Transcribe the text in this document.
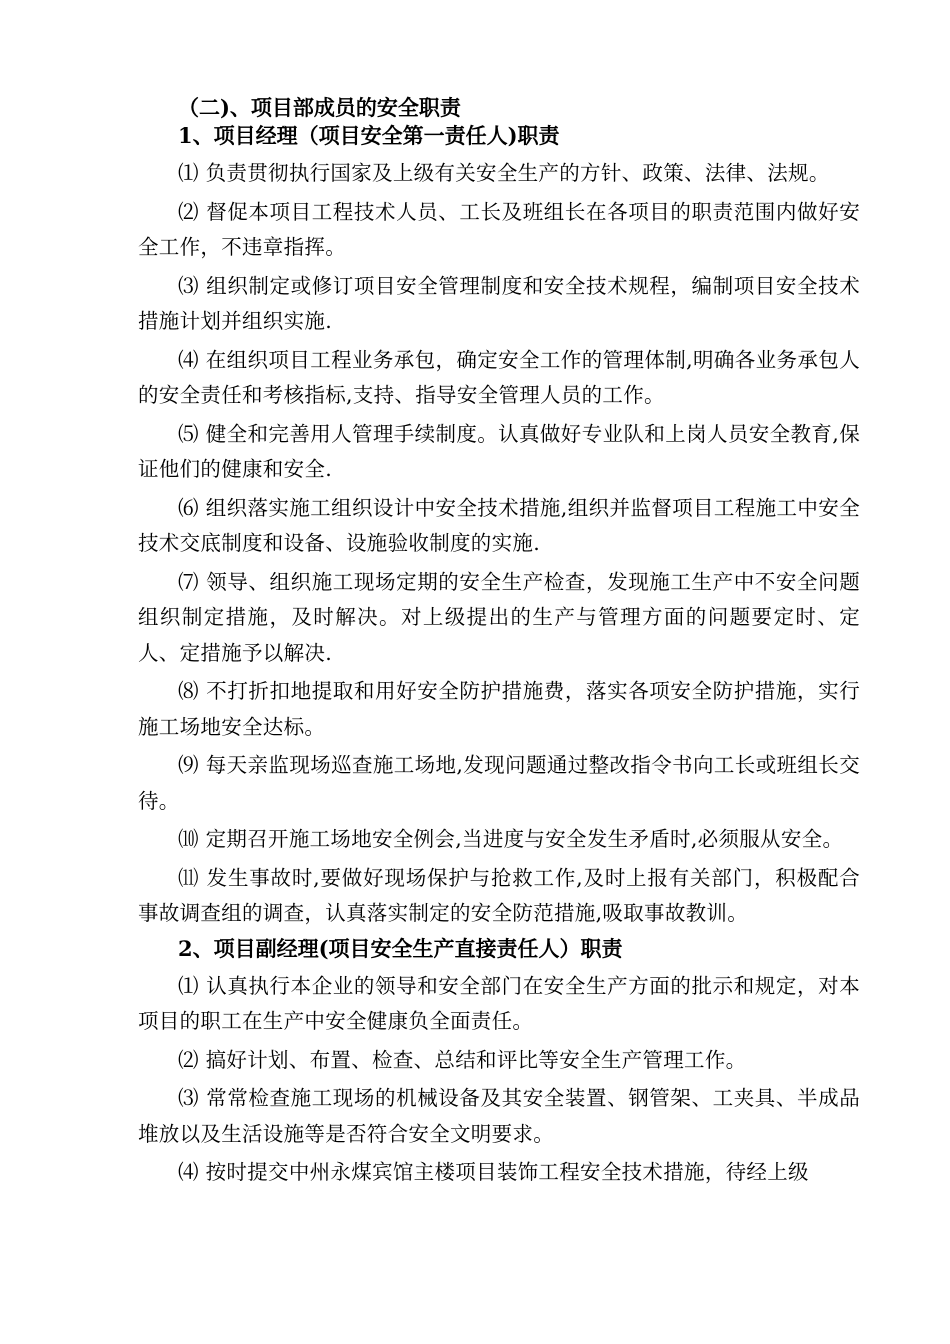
（二)、项目部成员的安全职责
1、项目经理（项目安全第一责任人)职责

⑴ 负责贯彻执行国家及上级有关安全生产的方针、政策、法律、法规。

⑵ 督促本项目工程技术人员、工长及班组长在各项目的职责范围内做好安全工作，不违章指挥。

⑶ 组织制定或修订项目安全管理制度和安全技术规程，编制项目安全技术措施计划并组织实施.

⑷ 在组织项目工程业务承包，确定安全工作的管理体制,明确各业务承包人的安全责任和考核指标,支持、指导安全管理人员的工作。

⑸ 健全和完善用人管理手续制度。认真做好专业队和上岗人员安全教育,保证他们的健康和安全.

⑹ 组织落实施工组织设计中安全技术措施,组织并监督项目工程施工中安全技术交底制度和设备、设施验收制度的实施.

⑺ 领导、组织施工现场定期的安全生产检查，发现施工生产中不安全问题组织制定措施，及时解决。对上级提出的生产与管理方面的问题要定时、定人、定措施予以解决.

⑻ 不打折扣地提取和用好安全防护措施费，落实各项安全防护措施，实行施工场地安全达标。

⑼ 每天亲监现场巡查施工场地,发现问题通过整改指令书向工长或班组长交待。

⑽ 定期召开施工场地安全例会,当进度与安全发生矛盾时,必须服从安全。

⑾ 发生事故时,要做好现场保护与抢救工作,及时上报有关部门，积极配合事故调查组的调查，认真落实制定的安全防范措施,吸取事故教训。

2、项目副经理(项目安全生产直接责任人）职责

⑴ 认真执行本企业的领导和安全部门在安全生产方面的批示和规定，对本项目的职工在生产中安全健康负全面责任。

⑵ 搞好计划、布置、检查、总结和评比等安全生产管理工作。

⑶ 常常检查施工现场的机械设备及其安全装置、钢管架、工夹具、半成品堆放以及生活设施等是否符合安全文明要求。

⑷ 按时提交中州永煤宾馆主楼项目装饰工程安全技术措施，待经上级
